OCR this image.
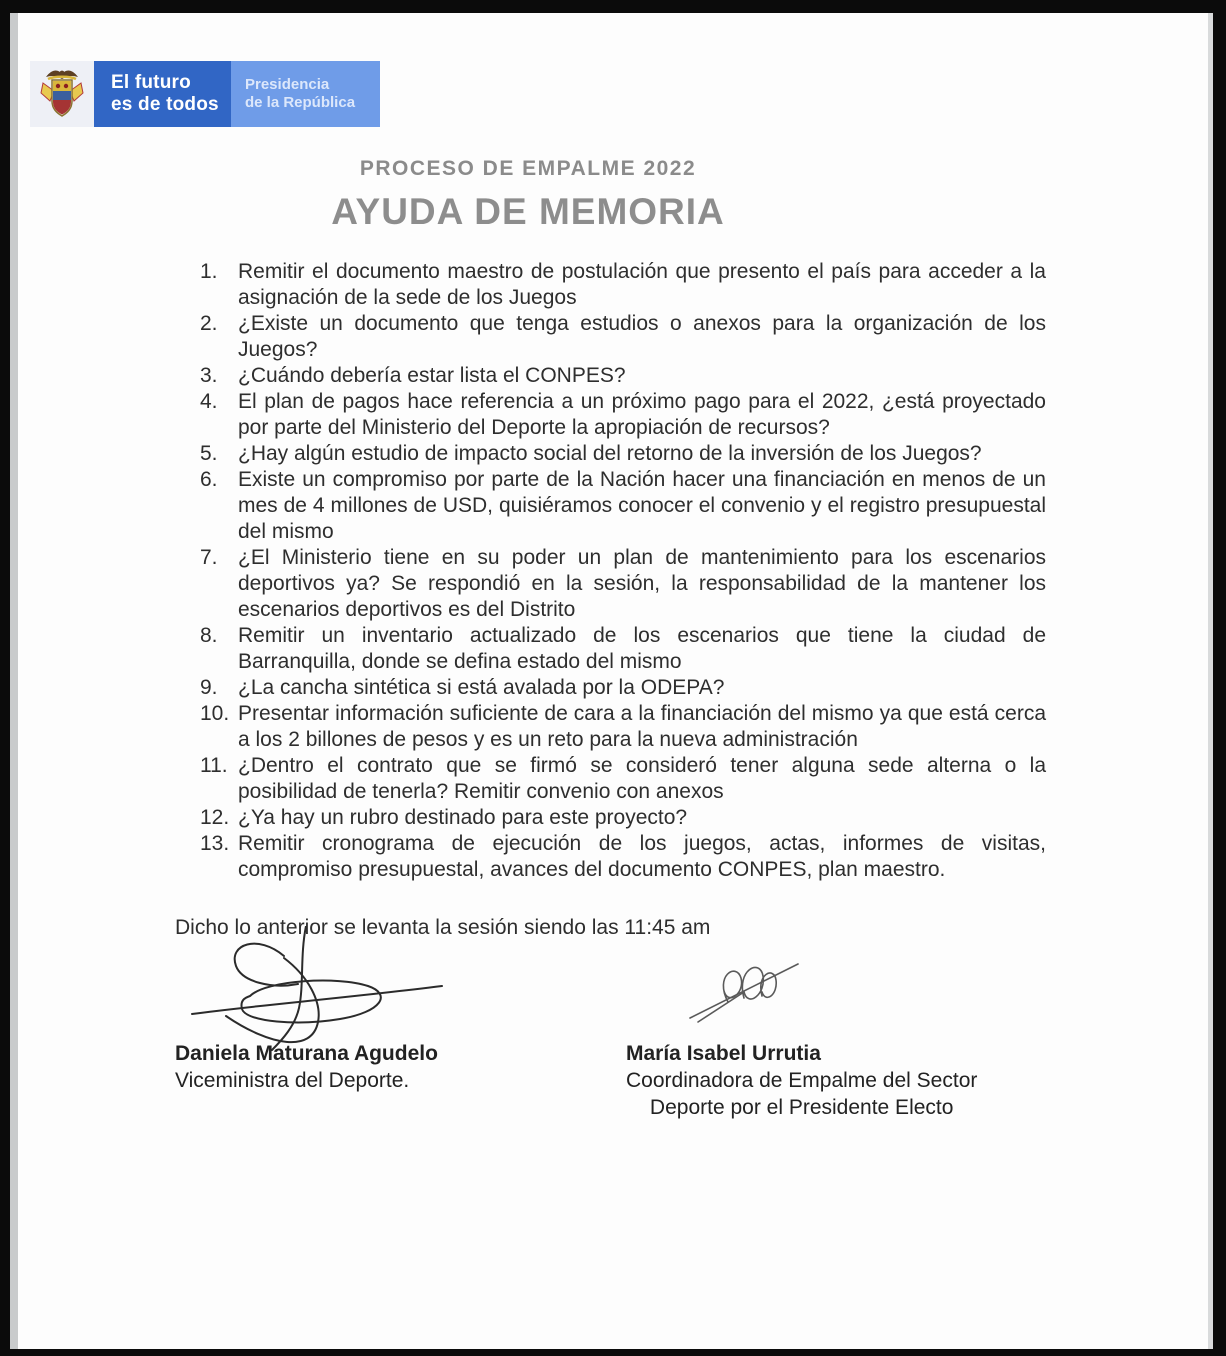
El futuro
es de todos
Presidencia
de la República
PROCESO DE EMPALME 2022
AYUDA DE MEMORIA
1. Remitir el documento maestro de postulación que presento el país para acceder a la asignación de la sede de los Juegos
2. ¿Existe un documento que tenga estudios o anexos para la organización de los Juegos?
3. ¿Cuándo debería estar lista el CONPES?
4. El plan de pagos hace referencia a un próximo pago para el 2022, ¿está proyectado por parte del Ministerio del Deporte la apropiación de recursos?
5. ¿Hay algún estudio de impacto social del retorno de la inversión de los Juegos?
6. Existe un compromiso por parte de la Nación hacer una financiación en menos de un mes de 4 millones de USD, quisiéramos conocer el convenio y el registro presupuestal del mismo
7. ¿El Ministerio tiene en su poder un plan de mantenimiento para los escenarios deportivos ya? Se respondió en la sesión, la responsabilidad de la mantener los escenarios deportivos es del Distrito
8. Remitir un inventario actualizado de los escenarios que tiene la ciudad de Barranquilla, donde se defina estado del mismo
9. ¿La cancha sintética si está avalada por la ODEPA?
10. Presentar información suficiente de cara a la financiación del mismo ya que está cerca a los 2 billones de pesos y es un reto para la nueva administración
11. ¿Dentro el contrato que se firmó se consideró tener alguna sede alterna o la posibilidad de tenerla? Remitir convenio con anexos
12. ¿Ya hay un rubro destinado para este proyecto?
13. Remitir cronograma de ejecución de los juegos, actas, informes de visitas, compromiso presupuestal, avances del documento CONPES, plan maestro.
Dicho lo anterior se levanta la sesión siendo las 11:45 am
Daniela Maturana Agudelo
Viceministra del Deporte.
María Isabel Urrutia
Coordinadora de Empalme del Sector
Deporte por el Presidente Electo
